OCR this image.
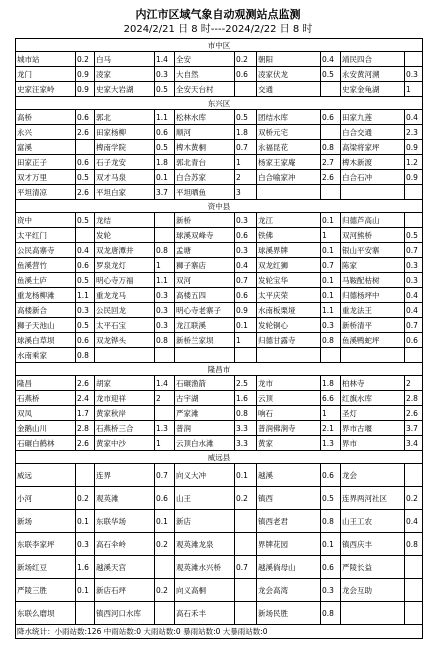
内江市区域气象自动观测站点监测
2024/2/21 日 8 时----2024/2/22 日 8 时
市中区									
城市站	0.2	白马	1.4	全安	0.2	朝阳	0.4	靖民四合	
龙门	0.9	凌家	0.3	大自然	0.6	凌家伏龙	0.5	永安黄河溯	0.3
史家汪家岭	0.9	史家大岩湖	0.5	全安天台村		交通		史家金龟湖	1
东兴区									
高桥	0.6	郭北	1.1	松林水库	0.5	团结水库	0.6	田家九莲	0.4
永兴	2.6	田家杨柳	0.6	顺河	1.8	双桥元宅		白合交通	2.3
富溪		椑南学院	0.5	椑木黄桐	0.7	永福昆花	0.8	高梁将家坪	0.9
田家正子	0.6	石子龙安	1.8	郭北青台	1	杨家王家庵	2.7	椑木新渡	1.2
双才万里	0.5	双才马泉	0.1	白合苏家	2	白合喻家冲	2.6	白合石冲	0.9
平坦清凉	2.6	平坦白家	3.7	平坦晒鱼	3				
资中县									
资中	0.5	龙结		新桥	0.3	龙江	0.1	归德芦高山	
太平红门		发轮		球溪双峰寺	0.6	铁佛	1	双河熊桥	0.5
公民高寨寺	0.4	双龙唐潭井	0.8	孟塘	0.3	球溪界牌	0.1	银山平安寨	0.7
鱼溪营竹	0.6	罗泉龙灯	1	狮子寨店	0.4	双龙红狮	0.7	陈家	0.3
鱼溪土庐	0.5	明心寺万福	1.1	双河	0.7	发轮宝华	0.1	马鞍配枯树	0.3
重龙杨柳滩	1.1	重龙龙马	0.3	高楼五四	0.6	太平庆荣	0.1	归德杨坪中	0.4
高楼新合	0.3	公民回龙	0.3	明心寺老寨子	0.9	水南板栗垭	1.1	重龙法王	0.4
狮子天池山	0.5	太平石宝	0.3	龙江联溪	0.1	发轮铜心	0.3	新桥清平	0.7
球溪白草坝	0.6	双龙铧头	0.8	新桥兰家坝	1	归德甘露寺	0.8	鱼溪鸭蛇坪	0.6
水南乘家	0.8								
隆昌市									
隆昌	2.6	胡家	1.4	石碾渔箭	2.5	龙市	1.8	柏林寺	2
石燕桥	2.4	龙市迎祥	2	古宇湖	1.6	云顶	6.6	红旗水库	2.8
双凤	1.7	黄家秋岸		严家滩	0.8	响石	1	圣灯	2.6
金鹅山川	2.8	石燕桥三合	1.3	普润	3.3	普润佛涧寺	2.1	界市古堰	3.7
石碾白鹤林	2.6	黄家中沙	1	云顶白水滩	3.3	黄家	1.3	界市	3.4
威远县									
威远		连界	0.7	向义大冲	0.1	越溪	0.6	龙会	
小河	0.2	观英滩	0.6	山王	0.2	镇西	0.5	连界两河社区	0.2
新场	0.1	东联华场	0.1	新店		镇西老君	0.8	山王工农	0.4
东联李家坪	0.3	高石伞岭	0.2	观英滩龙泉		界牌花园	0.1	镇西庆丰	0.8
新场红豆	1.6	越溪天宫		观英滩水兴桥	0.7	越溪倘母山	0.6	严陵长益	
严陵三胜	0.1	新店石坪	0.2	向义高桐		龙会高湾	0.3	龙会互助	
东联么磨坝		镇西河口水库		高石禾丰		新场民胜	0.8		
降水统计：小雨站数:126 中雨站数:0 大雨站数:0 暴雨站数:0 大暴雨站数:0									
